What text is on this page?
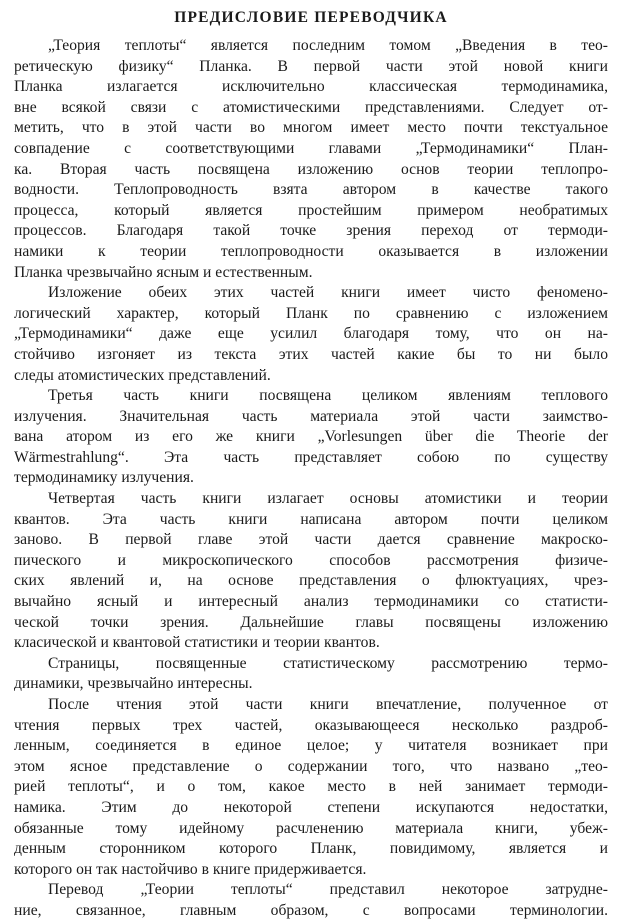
ПРЕДИСЛОВИЕ ПЕРЕВОДЧИКА
„Теория теплоты“ является последним томом „Введения в тео-
ретическую физику“ Планка. В первой части этой новой книги
Планка излагается исключительно классическая термодинамика,
вне всякой связи с атомистическими представлениями. Следует от-
метить, что в этой части во многом имеет место почти текстуальное
совпадение с соответствующими главами „Термодинамики“ План-
ка. Вторая часть посвящена изложению основ теории теплопро-
водности. Теплопроводность взята автором в качестве такого
процесса, который является простейшим примером необратимых
процессов. Благодаря такой точке зрения переход от термоди-
намики к теории теплопроводности оказывается в изложении
Планка чрезвычайно ясным и естественным.
Изложение обеих этих частей книги имеет чисто феномено-
логический характер, который Планк по сравнению с изложением
„Термодинамики“ даже еще усилил благодаря тому, что он на-
стойчиво изгоняет из текста этих частей какие бы то ни было
следы атомистических представлений.
Третья часть книги посвящена целиком явлениям теплового
излучения. Значительная часть материала этой части заимство-
вана атором из его же книги „Vorlesungen über die Theorie der
Wärmestrahlung“. Эта часть представляет собою по существу
термодинамику излучения.
Четвертая часть книги излагает основы атомистики и теории
квантов. Эта часть книги написана автором почти целиком
заново. В первой главе этой части дается сравнение макроско-
пического и микроскопического способов рассмотрения физиче-
ских явлений и, на основе представления о флюктуациях, чрез-
вычайно ясный и интересный анализ термодинамики со статисти-
ческой точки зрения. Дальнейшие главы посвящены изложению
класической и квантовой статистики и теории квантов.
Страницы, посвященные статистическому рассмотрению термо-
динамики, чрезвычайно интересны.
После чтения этой части книги впечатление, полученное от
чтения первых трех частей, оказывающееся несколько раздроб-
ленным, соединяется в единое целое; у читателя возникает при
этом ясное представление о содержании того, что названо „тео-
рией теплоты“, и о том, какое место в ней занимает термоди-
намика. Этим до некоторой степени искупаются недостатки,
обязанные тому идейному расчленению материала книги, убеж-
денным сторонником которого Планк, повидимому, является и
которого он так настойчиво в книге придерживается.
Перевод „Теории теплоты“ представил некоторое затрудне-
ние, связанное, главным образом, с вопросами терминологии.
